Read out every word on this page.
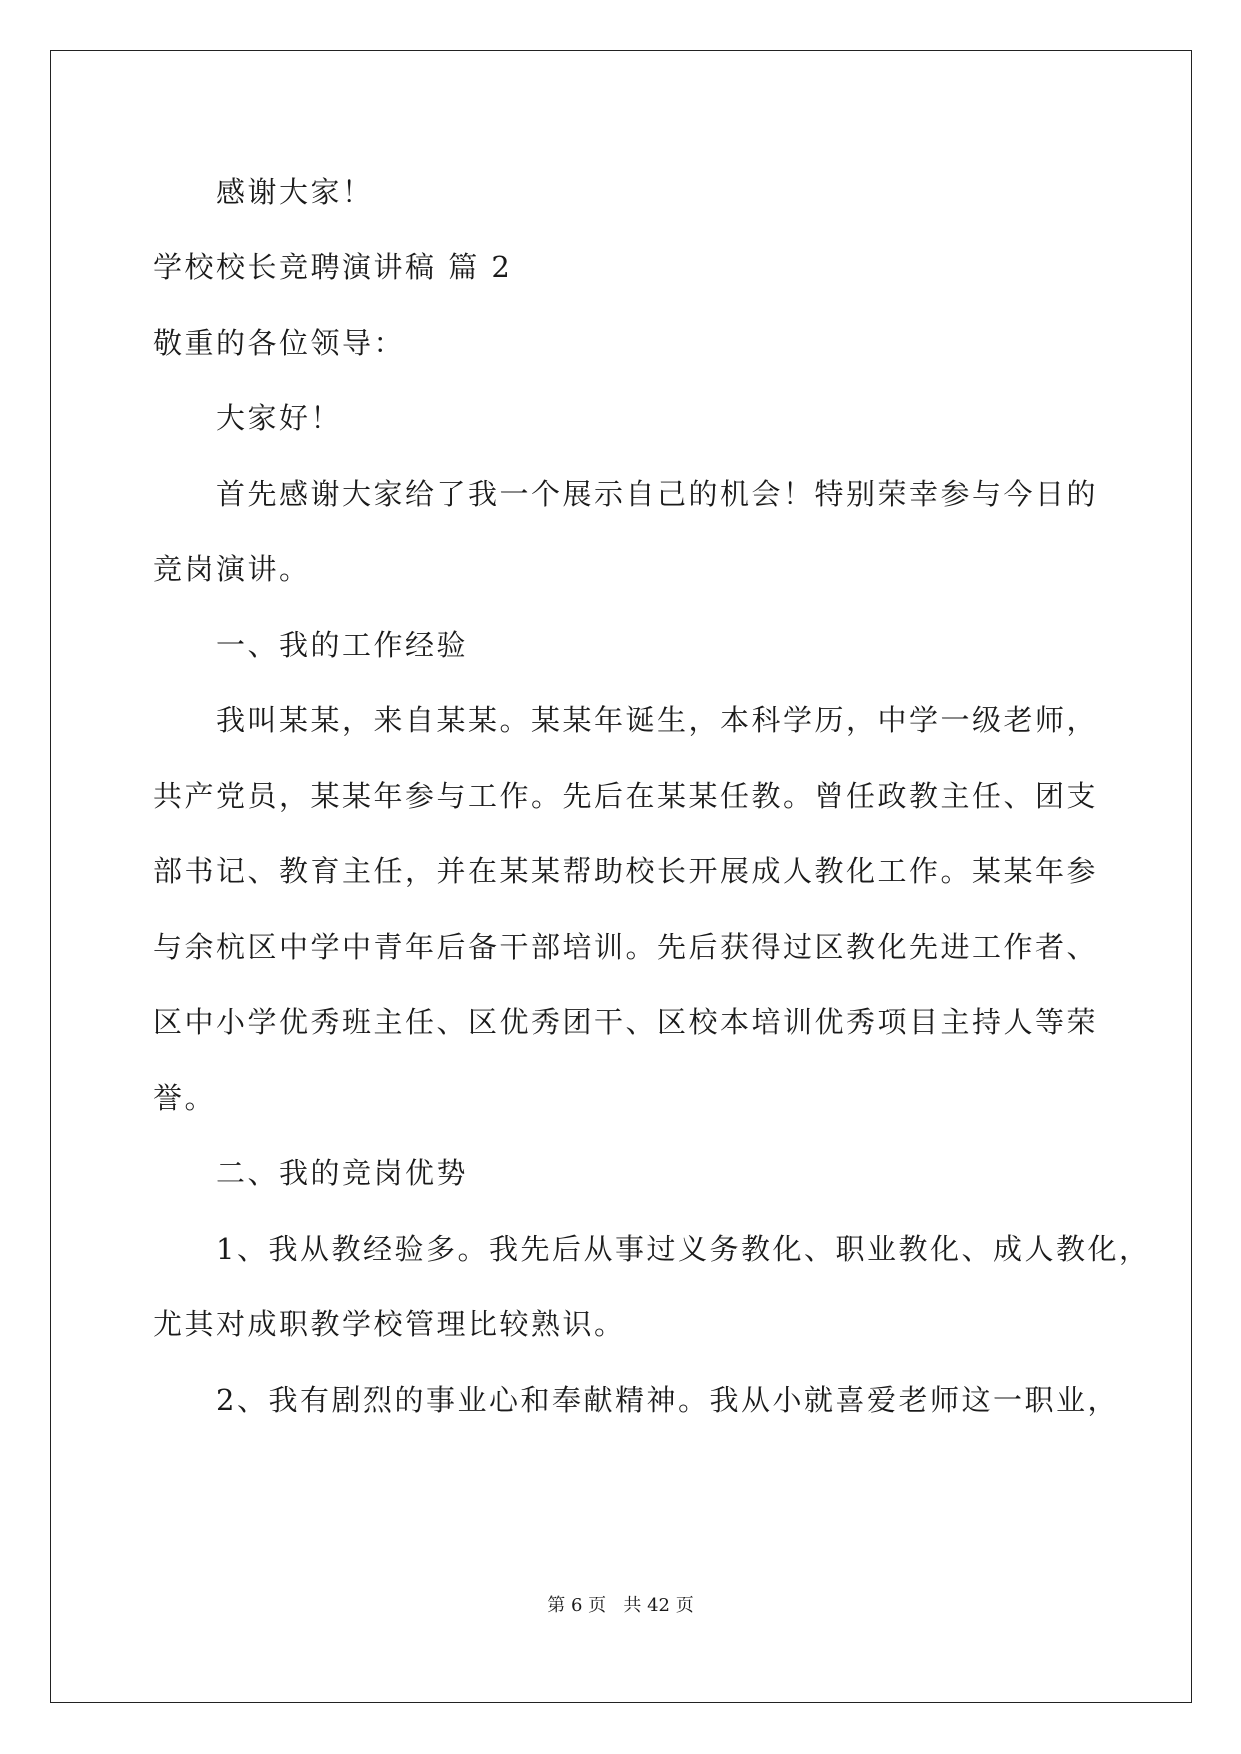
感谢大家！
学校校长竞聘演讲稿 篇 2
敬重的各位领导：
大家好！
首先感谢大家给了我一个展示自己的机会！特别荣幸参与今日的
竞岗演讲。
一、我的工作经验
我叫某某，来自某某。某某年诞生，本科学历，中学一级老师，
共产党员，某某年参与工作。先后在某某任教。曾任政教主任、团支
部书记、教育主任，并在某某帮助校长开展成人教化工作。某某年参
与余杭区中学中青年后备干部培训。先后获得过区教化先进工作者、
区中小学优秀班主任、区优秀团干、区校本培训优秀项目主持人等荣
誉。
二、我的竞岗优势
1、我从教经验多。我先后从事过义务教化、职业教化、成人教化，
尤其对成职教学校管理比较熟识。
2、我有剧烈的事业心和奉献精神。我从小就喜爱老师这一职业，
第 6 页   共 42 页
